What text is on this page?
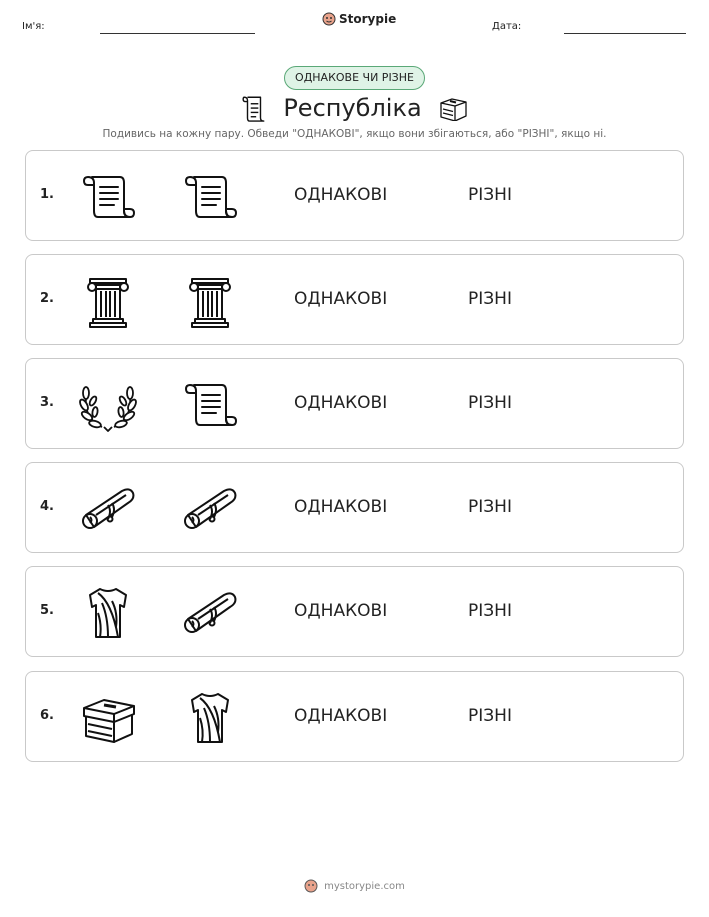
Ім'я:
Storypie
Дата:
ОДНАКОВЕ ЧИ РІЗНЕ
Республіка
Подивись на кожну пару. Обведи "ОДНАКОВІ", якщо вони збігаються, або "РІЗНІ", якщо ні.
1.	ОДНАКОВІ	РІЗНІ
2.	ОДНАКОВІ	РІЗНІ
3.	ОДНАКОВІ	РІЗНІ
4.	ОДНАКОВІ	РІЗНІ
5.	ОДНАКОВІ	РІЗНІ
6.	ОДНАКОВІ	РІЗНІ
mystorypie.com
